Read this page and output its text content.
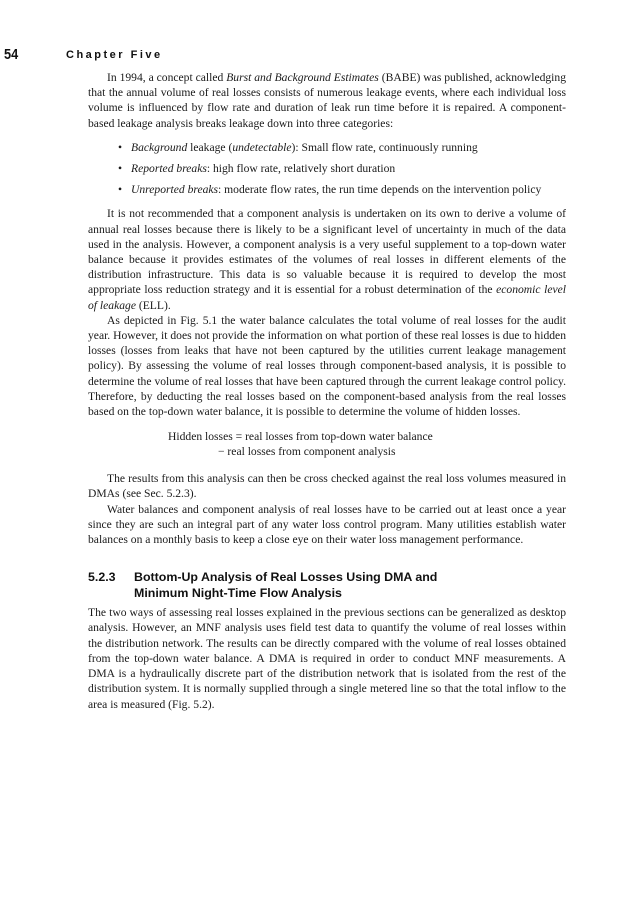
54	Chapter Five

In 1994, a concept called Burst and Background Estimates (BABE) was published, acknowledging that the annual volume of real losses consists of numerous leakage events, where each individual loss volume is influenced by flow rate and duration of leak run time before it is repaired. A component-based leakage analysis breaks leakage down into three categories:

• Background leakage (undetectable): Small flow rate, continuously running
• Reported breaks: high flow rate, relatively short duration
• Unreported breaks: moderate flow rates, the run time depends on the intervention policy

It is not recommended that a component analysis is undertaken on its own to derive a volume of annual real losses because there is likely to be a significant level of uncertainty in much of the data used in the analysis. However, a component analysis is a very useful supplement to a top-down water balance because it provides estimates of the volumes of real losses in different elements of the distribution infrastructure. This data is so valuable because it is required to develop the most appropriate loss reduction strategy and it is essential for a robust determination of the economic level of leakage (ELL).

As depicted in Fig. 5.1 the water balance calculates the total volume of real losses for the audit year. However, it does not provide the information on what portion of these real losses is due to hidden losses (losses from leaks that have not been captured by the utilities current leakage management policy). By assessing the volume of real losses through component-based analysis, it is possible to determine the volume of real losses that have been captured through the current leakage control policy. Therefore, by deducting the real losses based on the component-based analysis from the real losses based on the top-down water balance, it is possible to determine the volume of hidden losses.

Hidden losses = real losses from top-down water balance
− real losses from component analysis

The results from this analysis can then be cross checked against the real loss volumes measured in DMAs (see Sec. 5.2.3).

Water balances and component analysis of real losses have to be carried out at least once a year since they are such an integral part of any water loss control program. Many utilities establish water balances on a monthly basis to keep a close eye on their water loss management performance.

5.2.3 Bottom-Up Analysis of Real Losses Using DMA and
Minimum Night-Time Flow Analysis

The two ways of assessing real losses explained in the previous sections can be generalized as desktop analysis. However, an MNF analysis uses field test data to quantify the volume of real losses within the distribution network. The results can be directly compared with the volume of real losses obtained from the top-down water balance. A DMA is required in order to conduct MNF measurements. A DMA is a hydraulically discrete part of the distribution network that is isolated from the rest of the distribution system. It is normally supplied through a single metered line so that the total inflow to the area is measured (Fig. 5.2).
